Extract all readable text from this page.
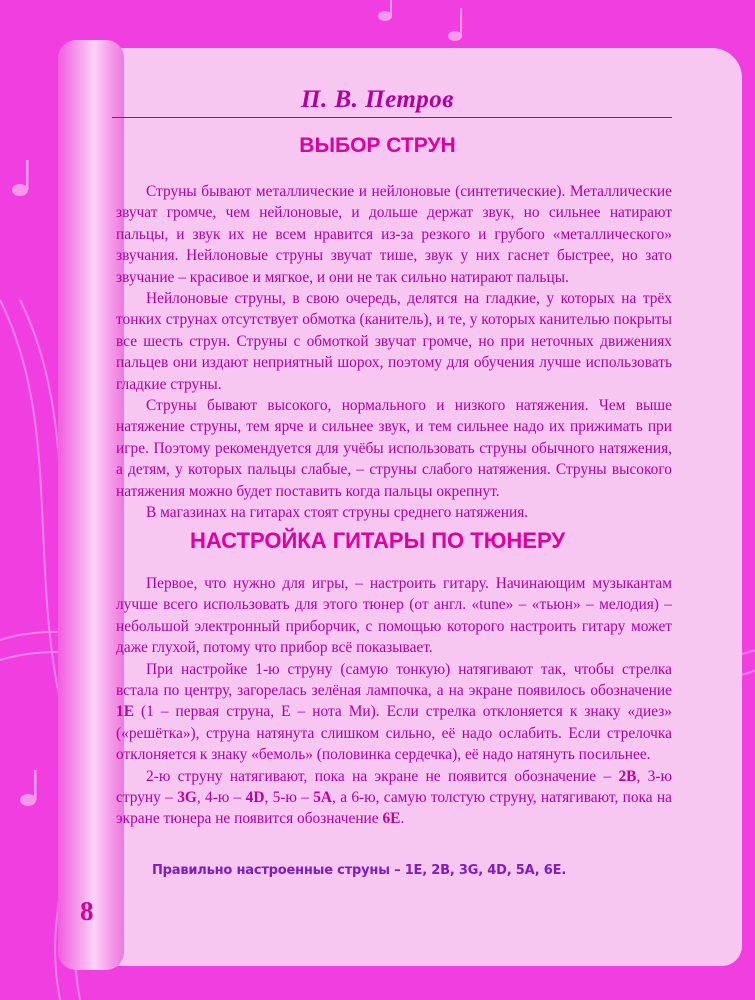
П. В. Петров
ВЫБОР СТРУН

Струны бывают металлические и нейлоновые (синтетические). Металлические звучат громче, чем нейлоновые, и дольше держат звук, но сильнее натирают пальцы, и звук их не всем нравится из-за резкого и грубого «металлического» звучания. Нейлоновые струны звучат тише, звук у них гаснет быстрее, но зато звучание – красивое и мягкое, и они не так сильно натирают пальцы.

Нейлоновые струны, в свою очередь, делятся на гладкие, у которых на трёх тонких струнах отсутствует обмотка (канитель), и те, у которых канителью покрыты все шесть струн. Струны с обмоткой звучат громче, но при неточных движениях пальцев они издают неприятный шорох, поэтому для обучения лучше использовать гладкие струны.

Струны бывают высокого, нормального и низкого натяжения. Чем выше натяжение струны, тем ярче и сильнее звук, и тем сильнее надо их прижимать при игре. Поэтому рекомендуется для учёбы использовать струны обычного натяжения, а детям, у которых пальцы слабые, – струны слабого натяжения. Струны высокого натяжения можно будет поставить когда пальцы окрепнут.

В магазинах на гитарах стоят струны среднего натяжения.

НАСТРОЙКА ГИТАРЫ ПО ТЮНЕРУ

Первое, что нужно для игры, – настроить гитару. Начинающим музыкантам лучше всего использовать для этого тюнер (от англ. «tune» – «тьюн» – мелодия) – небольшой электронный приборчик, с помощью которого настроить гитару может даже глухой, потому что прибор всё показывает.

При настройке 1-ю струну (самую тонкую) натягивают так, чтобы стрелка встала по центру, загорелась зелёная лампочка, а на экране появилось обозначение 1E (1 – первая струна, Е – нота Ми). Если стрелка отклоняется к знаку «диез» («решётка»), струна натянута слишком сильно, её надо ослабить. Если стрелочка отклоняется к знаку «бемоль» (половинка сердечка), её надо натянуть посильнее.

2-ю струну натягивают, пока на экране не появится обозначение – 2B, 3-ю струну – 3G, 4-ю – 4D, 5-ю – 5A, а 6-ю, самую толстую струну, натягивают, пока на экране тюнера не появится обозначение 6E.

Правильно настроенные струны – 1E, 2B, 3G, 4D, 5A, 6E.
8
